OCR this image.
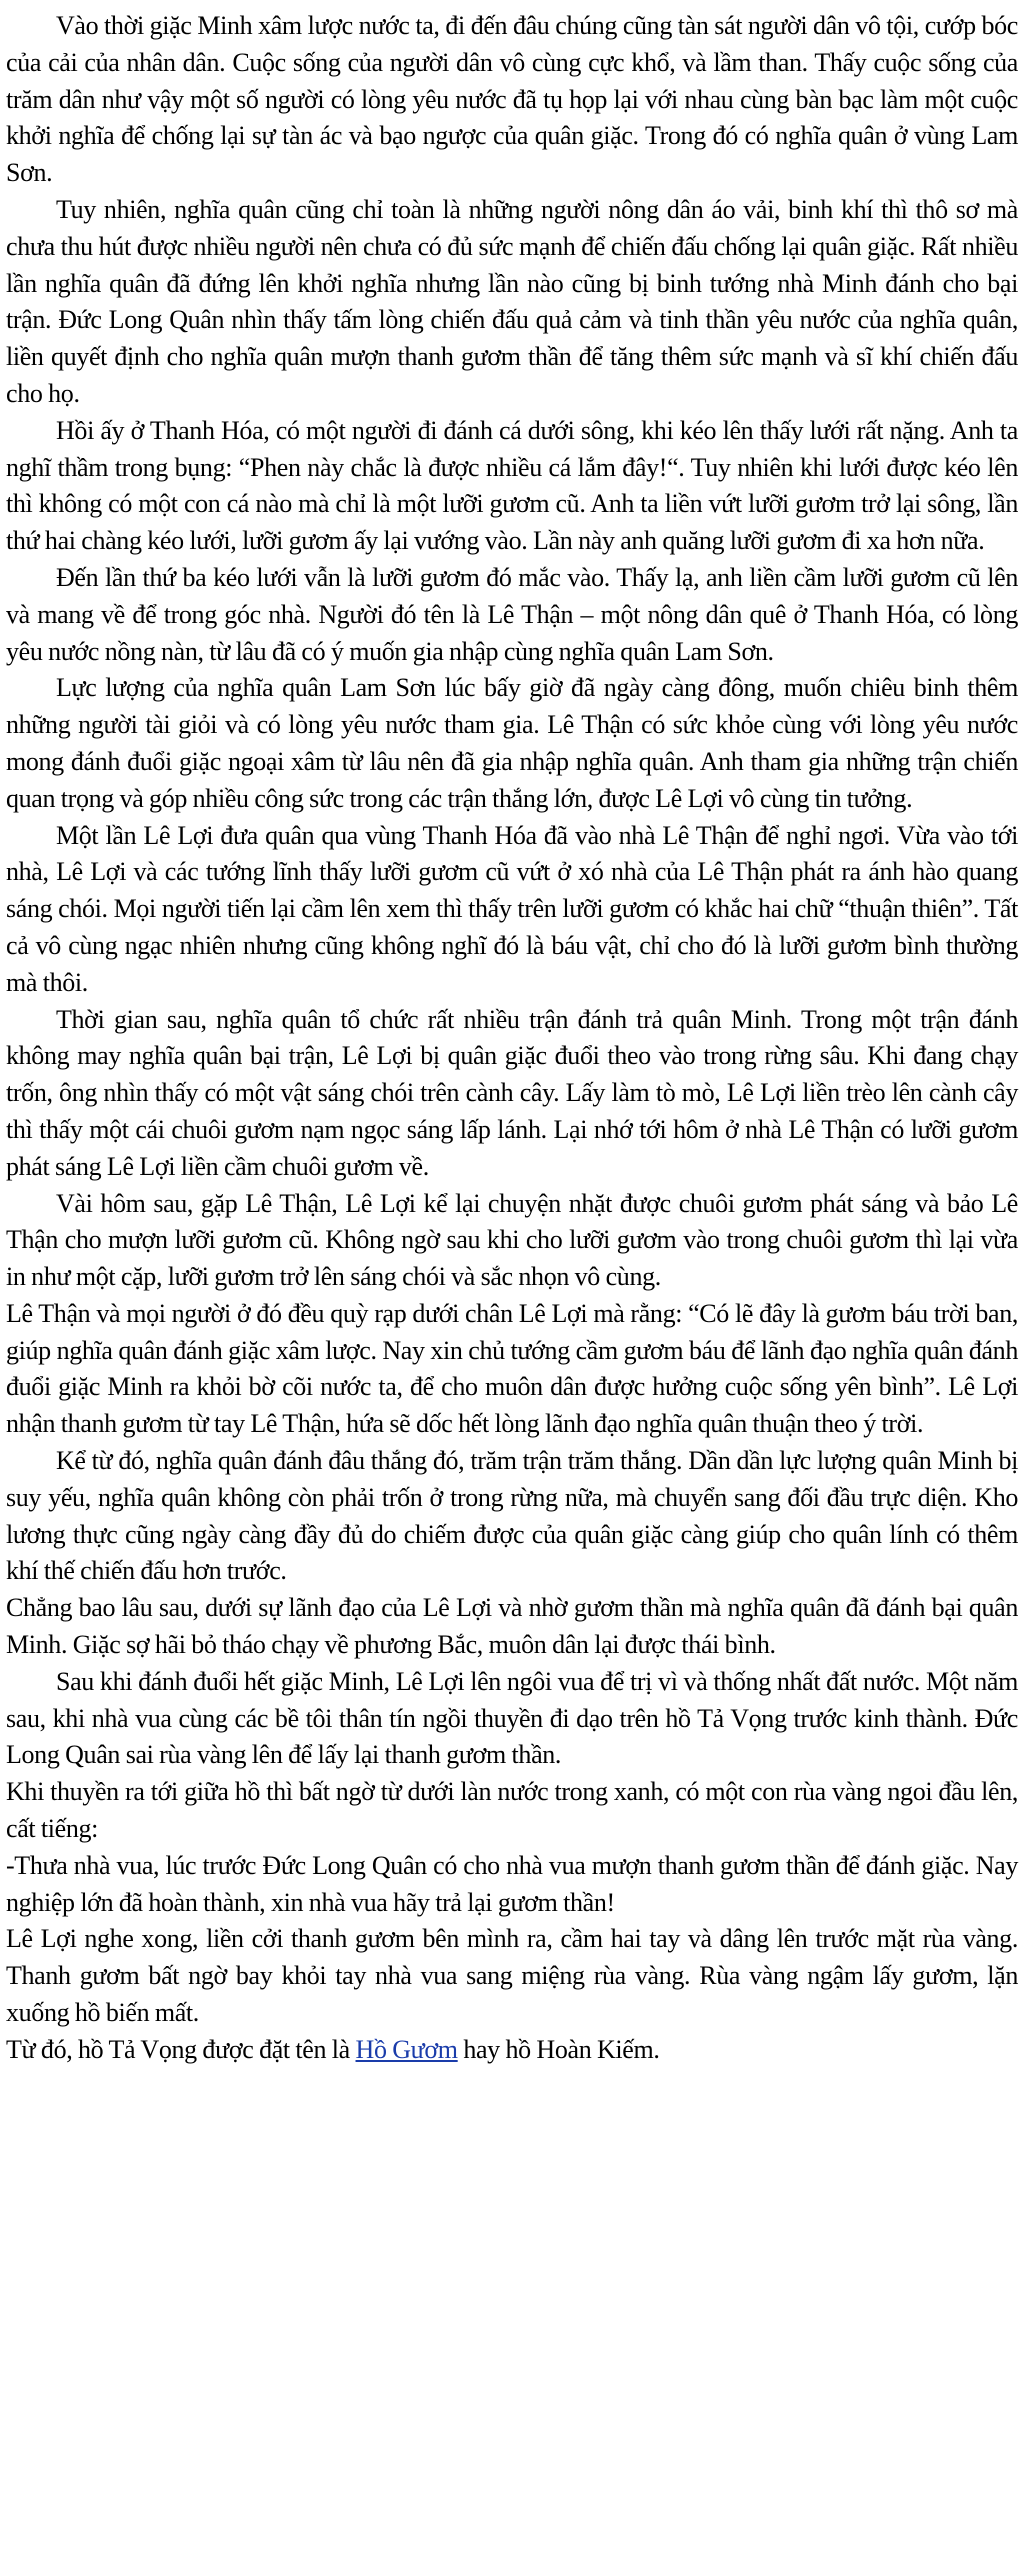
Vào thời giặc Minh xâm lược nước ta, đi đến đâu chúng cũng tàn sát người dân vô tội, cướp bóc của cải của nhân dân. Cuộc sống của người dân vô cùng cực khổ, và lầm than. Thấy cuộc sống của trăm dân như vậy một số người có lòng yêu nước đã tụ họp lại với nhau cùng bàn bạc làm một cuộc khởi nghĩa để chống lại sự tàn ác và bạo ngược của quân giặc. Trong đó có nghĩa quân ở vùng Lam Sơn.

Tuy nhiên, nghĩa quân cũng chỉ toàn là những người nông dân áo vải, binh khí thì thô sơ mà chưa thu hút được nhiều người nên chưa có đủ sức mạnh để chiến đấu chống lại quân giặc. Rất nhiều lần nghĩa quân đã đứng lên khởi nghĩa nhưng lần nào cũng bị binh tướng nhà Minh đánh cho bại trận. Đức Long Quân nhìn thấy tấm lòng chiến đấu quả cảm và tinh thần yêu nước của nghĩa quân, liền quyết định cho nghĩa quân mượn thanh gươm thần để tăng thêm sức mạnh và sĩ khí chiến đấu cho họ.

Hồi ấy ở Thanh Hóa, có một người đi đánh cá dưới sông, khi kéo lên thấy lưới rất nặng. Anh ta nghĩ thầm trong bụng: “Phen này chắc là được nhiều cá lắm đây!“. Tuy nhiên khi lưới được kéo lên thì không có một con cá nào mà chỉ là một lưỡi gươm cũ. Anh ta liền vứt lưỡi gươm trở lại sông, lần thứ hai chàng kéo lưới, lưỡi gươm ấy lại vướng vào. Lần này anh quăng lưỡi gươm đi xa hơn nữa.

Đến lần thứ ba kéo lưới vẫn là lưỡi gươm đó mắc vào. Thấy lạ, anh liền cầm lưỡi gươm cũ lên và mang về để trong góc nhà. Người đó tên là Lê Thận – một nông dân quê ở Thanh Hóa, có lòng yêu nước nồng nàn, từ lâu đã có ý muốn gia nhập cùng nghĩa quân Lam Sơn.

Lực lượng của nghĩa quân Lam Sơn lúc bấy giờ đã ngày càng đông, muốn chiêu binh thêm những người tài giỏi và có lòng yêu nước tham gia. Lê Thận có sức khỏe cùng với lòng yêu nước mong đánh đuổi giặc ngoại xâm từ lâu nên đã gia nhập nghĩa quân. Anh tham gia những trận chiến quan trọng và góp nhiều công sức trong các trận thắng lớn, được Lê Lợi vô cùng tin tưởng.

Một lần Lê Lợi đưa quân qua vùng Thanh Hóa đã vào nhà Lê Thận để nghỉ ngơi. Vừa vào tới nhà, Lê Lợi và các tướng lĩnh thấy lưỡi gươm cũ vứt ở xó nhà của Lê Thận phát ra ánh hào quang sáng chói. Mọi người tiến lại cầm lên xem thì thấy trên lưỡi gươm có khắc hai chữ “thuận thiên”. Tất cả vô cùng ngạc nhiên nhưng cũng không nghĩ đó là báu vật, chỉ cho đó là lưỡi gươm bình thường mà thôi.

Thời gian sau, nghĩa quân tổ chức rất nhiều trận đánh trả quân Minh. Trong một trận đánh không may nghĩa quân bại trận, Lê Lợi bị quân giặc đuổi theo vào trong rừng sâu. Khi đang chạy trốn, ông nhìn thấy có một vật sáng chói trên cành cây. Lấy làm tò mò, Lê Lợi liền trèo lên cành cây thì thấy một cái chuôi gươm nạm ngọc sáng lấp lánh. Lại nhớ tới hôm ở nhà Lê Thận có lưỡi gươm phát sáng Lê Lợi liền cầm chuôi gươm về.

Vài hôm sau, gặp Lê Thận, Lê Lợi kể lại chuyện nhặt được chuôi gươm phát sáng và bảo Lê Thận cho mượn lưỡi gươm cũ. Không ngờ sau khi cho lưỡi gươm vào trong chuôi gươm thì lại vừa in như một cặp, lưỡi gươm trở lên sáng chói và sắc nhọn vô cùng.

Lê Thận và mọi người ở đó đều quỳ rạp dưới chân Lê Lợi mà rằng: “Có lẽ đây là gươm báu trời ban, giúp nghĩa quân đánh giặc xâm lược. Nay xin chủ tướng cầm gươm báu để lãnh đạo nghĩa quân đánh đuổi giặc Minh ra khỏi bờ cõi nước ta, để cho muôn dân được hưởng cuộc sống yên bình”. Lê Lợi nhận thanh gươm từ tay Lê Thận, hứa sẽ dốc hết lòng lãnh đạo nghĩa quân thuận theo ý trời.

Kể từ đó, nghĩa quân đánh đâu thắng đó, trăm trận trăm thắng. Dần dần lực lượng quân Minh bị suy yếu, nghĩa quân không còn phải trốn ở trong rừng nữa, mà chuyển sang đối đầu trực diện. Kho lương thực cũng ngày càng đầy đủ do chiếm được của quân giặc càng giúp cho quân lính có thêm khí thế chiến đấu hơn trước.

Chẳng bao lâu sau, dưới sự lãnh đạo của Lê Lợi và nhờ gươm thần mà nghĩa quân đã đánh bại quân Minh. Giặc sợ hãi bỏ tháo chạy về phương Bắc, muôn dân lại được thái bình.

Sau khi đánh đuổi hết giặc Minh, Lê Lợi lên ngôi vua để trị vì và thống nhất đất nước. Một năm sau, khi nhà vua cùng các bề tôi thân tín ngồi thuyền đi dạo trên hồ Tả Vọng trước kinh thành. Đức Long Quân sai rùa vàng lên để lấy lại thanh gươm thần.

Khi thuyền ra tới giữa hồ thì bất ngờ từ dưới làn nước trong xanh, có một con rùa vàng ngoi đầu lên, cất tiếng:

-Thưa nhà vua, lúc trước Đức Long Quân có cho nhà vua mượn thanh gươm thần để đánh giặc. Nay nghiệp lớn đã hoàn thành, xin nhà vua hãy trả lại gươm thần!

Lê Lợi nghe xong, liền cởi thanh gươm bên mình ra, cầm hai tay và dâng lên trước mặt rùa vàng. Thanh gươm bất ngờ bay khỏi tay nhà vua sang miệng rùa vàng. Rùa vàng ngậm lấy gươm, lặn xuống hồ biến mất.

Từ đó, hồ Tả Vọng được đặt tên là Hồ Gươm hay hồ Hoàn Kiếm.
